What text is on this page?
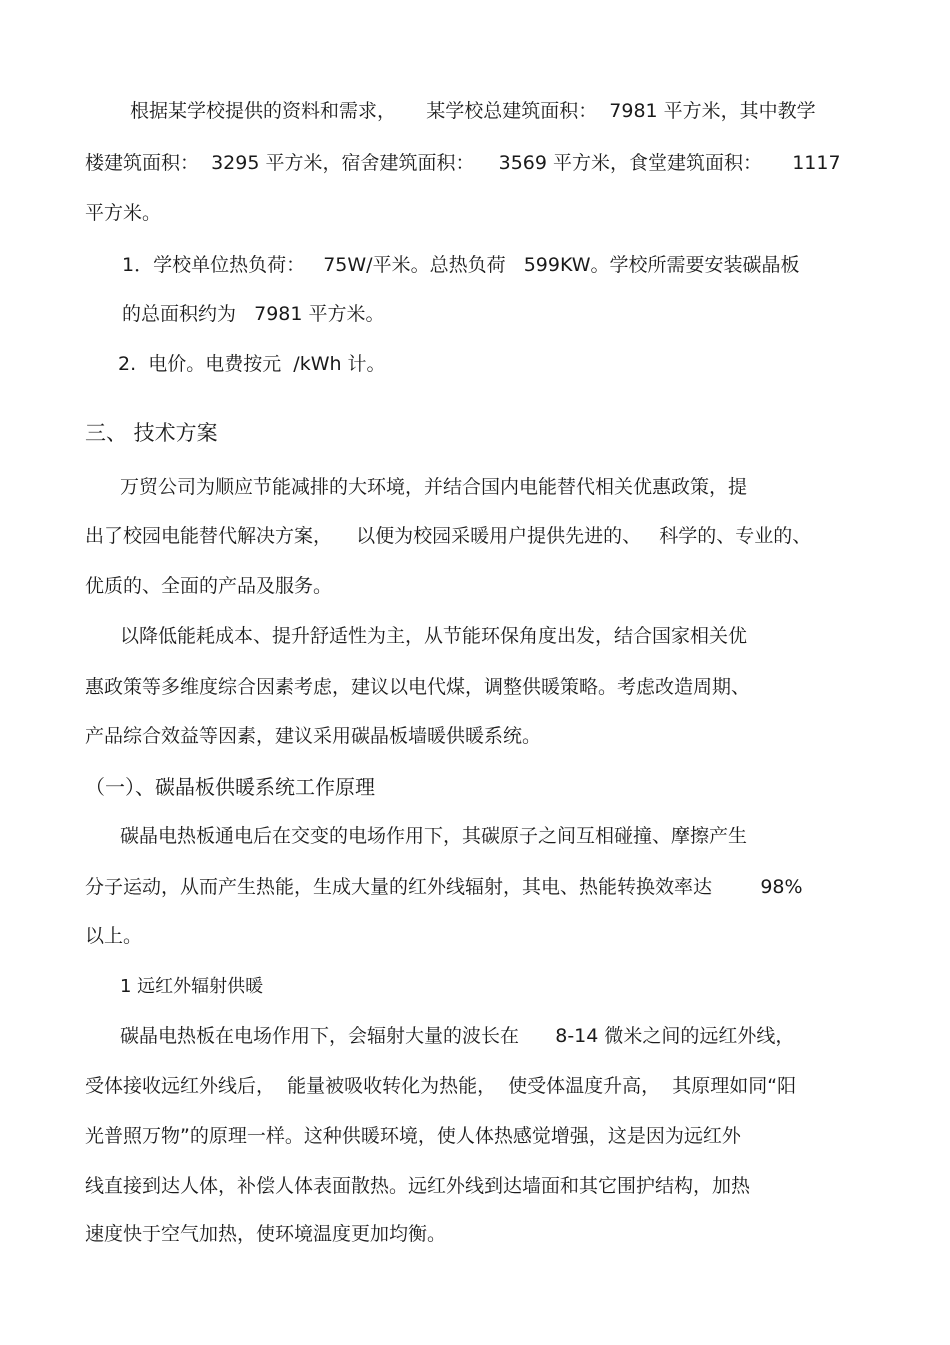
根据某学校提供的资料和需求，     某学校总建筑面积：  7981 平方米，其中教学

楼建筑面积：  3295 平方米，宿舍建筑面积：    3569 平方米，食堂建筑面积：     1117

平方米。

1．学校单位热负荷：   75W/平米。总热负荷   599KW。学校所需要安装碳晶板

的总面积约为   7981 平方米。

2.  电价。电费按元  /kWh 计。

三、 技术方案

万贸公司为顺应节能减排的大环境，并结合国内电能替代相关优惠政策，提

出了校园电能替代解决方案，    以便为校园采暖用户提供先进的、   科学的、专业的、

优质的、全面的产品及服务。

以降低能耗成本、提升舒适性为主，从节能环保角度出发，结合国家相关优

惠政策等多维度综合因素考虑，建议以电代煤，调整供暖策略。考虑改造周期、

产品综合效益等因素，建议采用碳晶板墙暖供暖系统。

（一）、碳晶板供暖系统工作原理

碳晶电热板通电后在交变的电场作用下，其碳原子之间互相碰撞、摩擦产生

分子运动，从而产生热能，生成大量的红外线辐射，其电、热能转换效率达        98%

以上。

1 远红外辐射供暖

碳晶电热板在电场作用下，会辐射大量的波长在      8-14 微米之间的远红外线，

受体接收远红外线后，  能量被吸收转化为热能，  使受体温度升高，  其原理如同“阳

光普照万物”的原理一样。这种供暖环境，使人体热感觉增强，这是因为远红外

线直接到达人体，补偿人体表面散热。远红外线到达墙面和其它围护结构，加热

速度快于空气加热，使环境温度更加均衡。
